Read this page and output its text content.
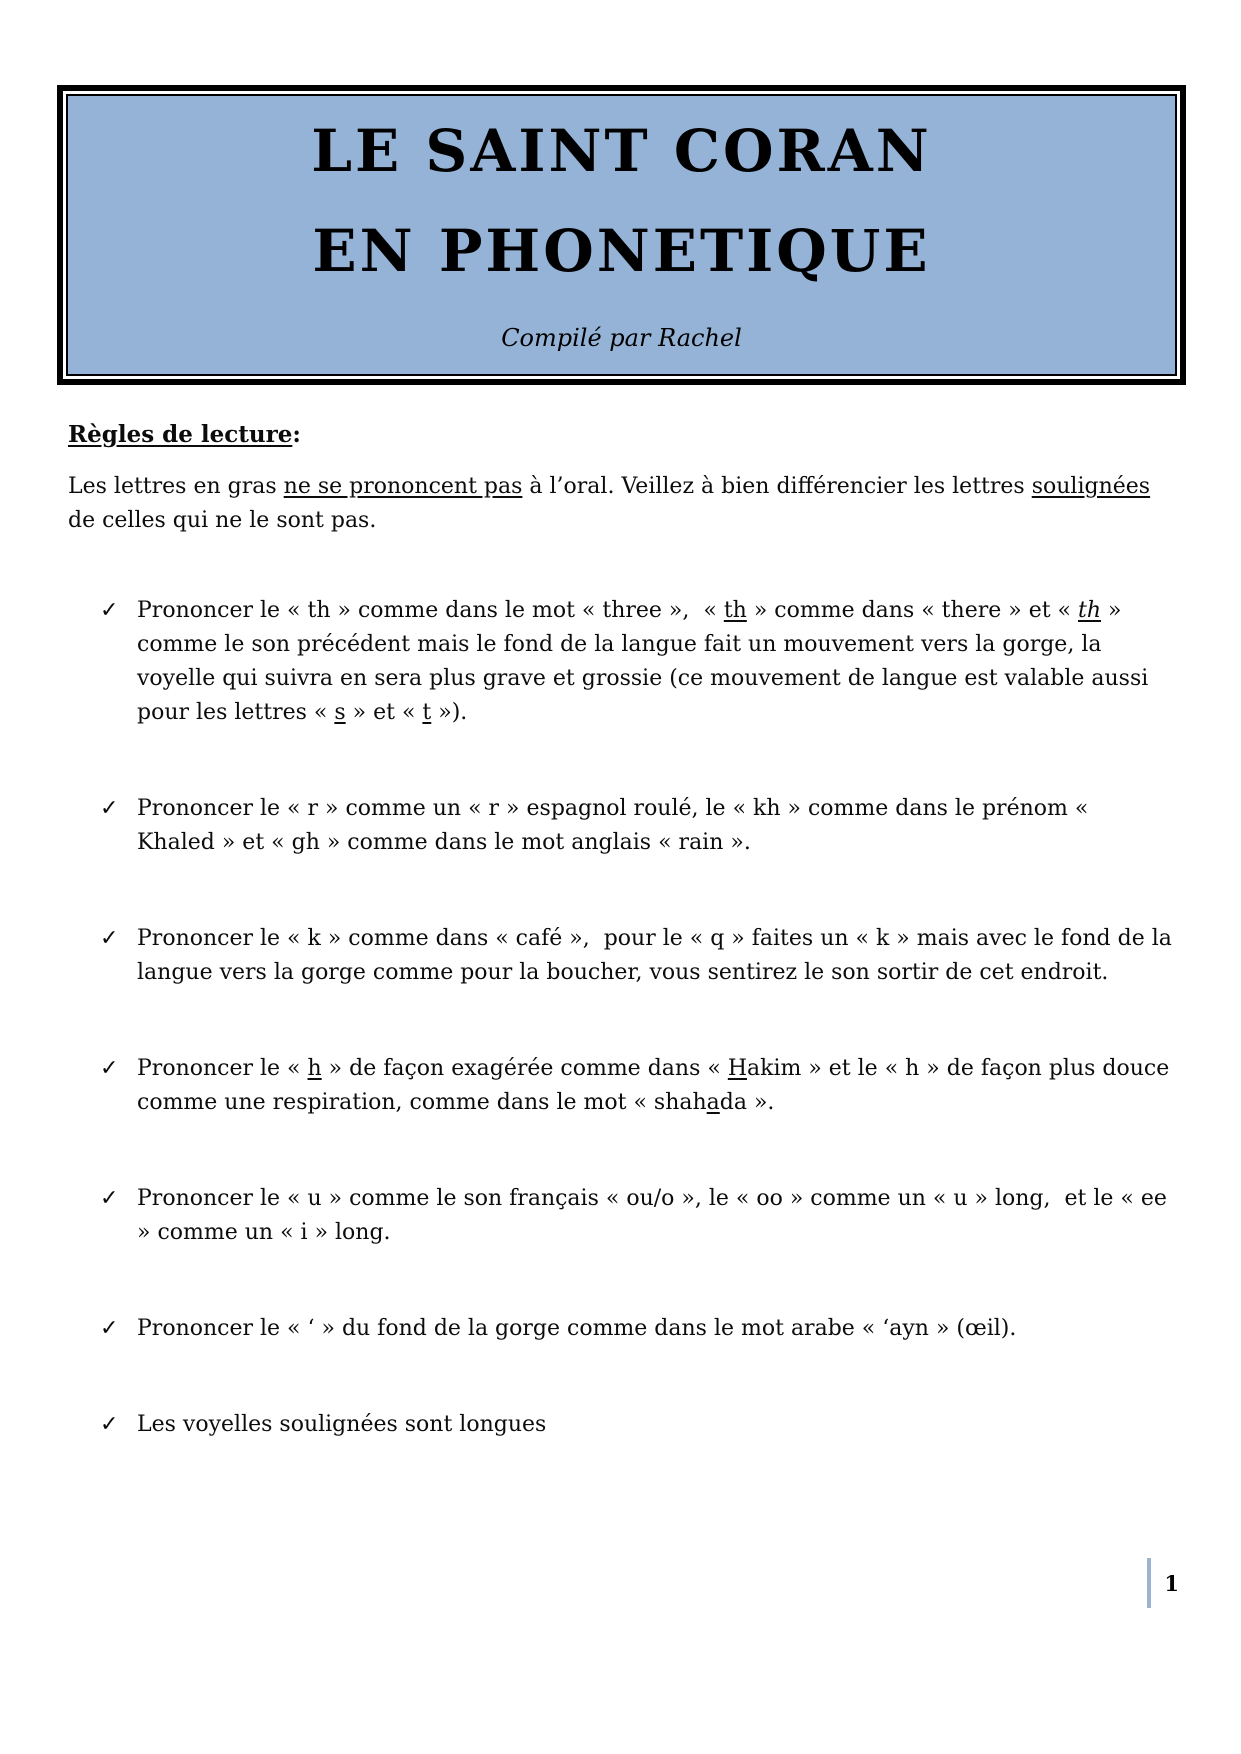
LE SAINT CORAN
EN PHONETIQUE
Compilé par Rachel

Règles de lecture:

Les lettres en gras ne se prononcent pas à l’oral. Veillez à bien différencier les lettres soulignées de celles qui ne le sont pas.

✓ Prononcer le « th » comme dans le mot « three »,  « th » comme dans « there » et « th » comme le son précédent mais le fond de la langue fait un mouvement vers la gorge, la voyelle qui suivra en sera plus grave et grossie (ce mouvement de langue est valable aussi pour les lettres « s » et « t »).
✓ Prononcer le « r » comme un « r » espagnol roulé, le « kh » comme dans le prénom « Khaled » et « gh » comme dans le mot anglais « rain ».
✓ Prononcer le « k » comme dans « café »,  pour le « q » faites un « k » mais avec le fond de la langue vers la gorge comme pour la boucher, vous sentirez le son sortir de cet endroit.
✓ Prononcer le « h » de façon exagérée comme dans « Hakim » et le « h » de façon plus douce comme une respiration, comme dans le mot « shahada ».
✓ Prononcer le « u » comme le son français « ou/o », le « oo » comme un « u » long,  et le « ee » comme un « i » long.
✓ Prononcer le « ‘ » du fond de la gorge comme dans le mot arabe « ‘ayn » (œil).
✓ Les voyelles soulignées sont longues
1
